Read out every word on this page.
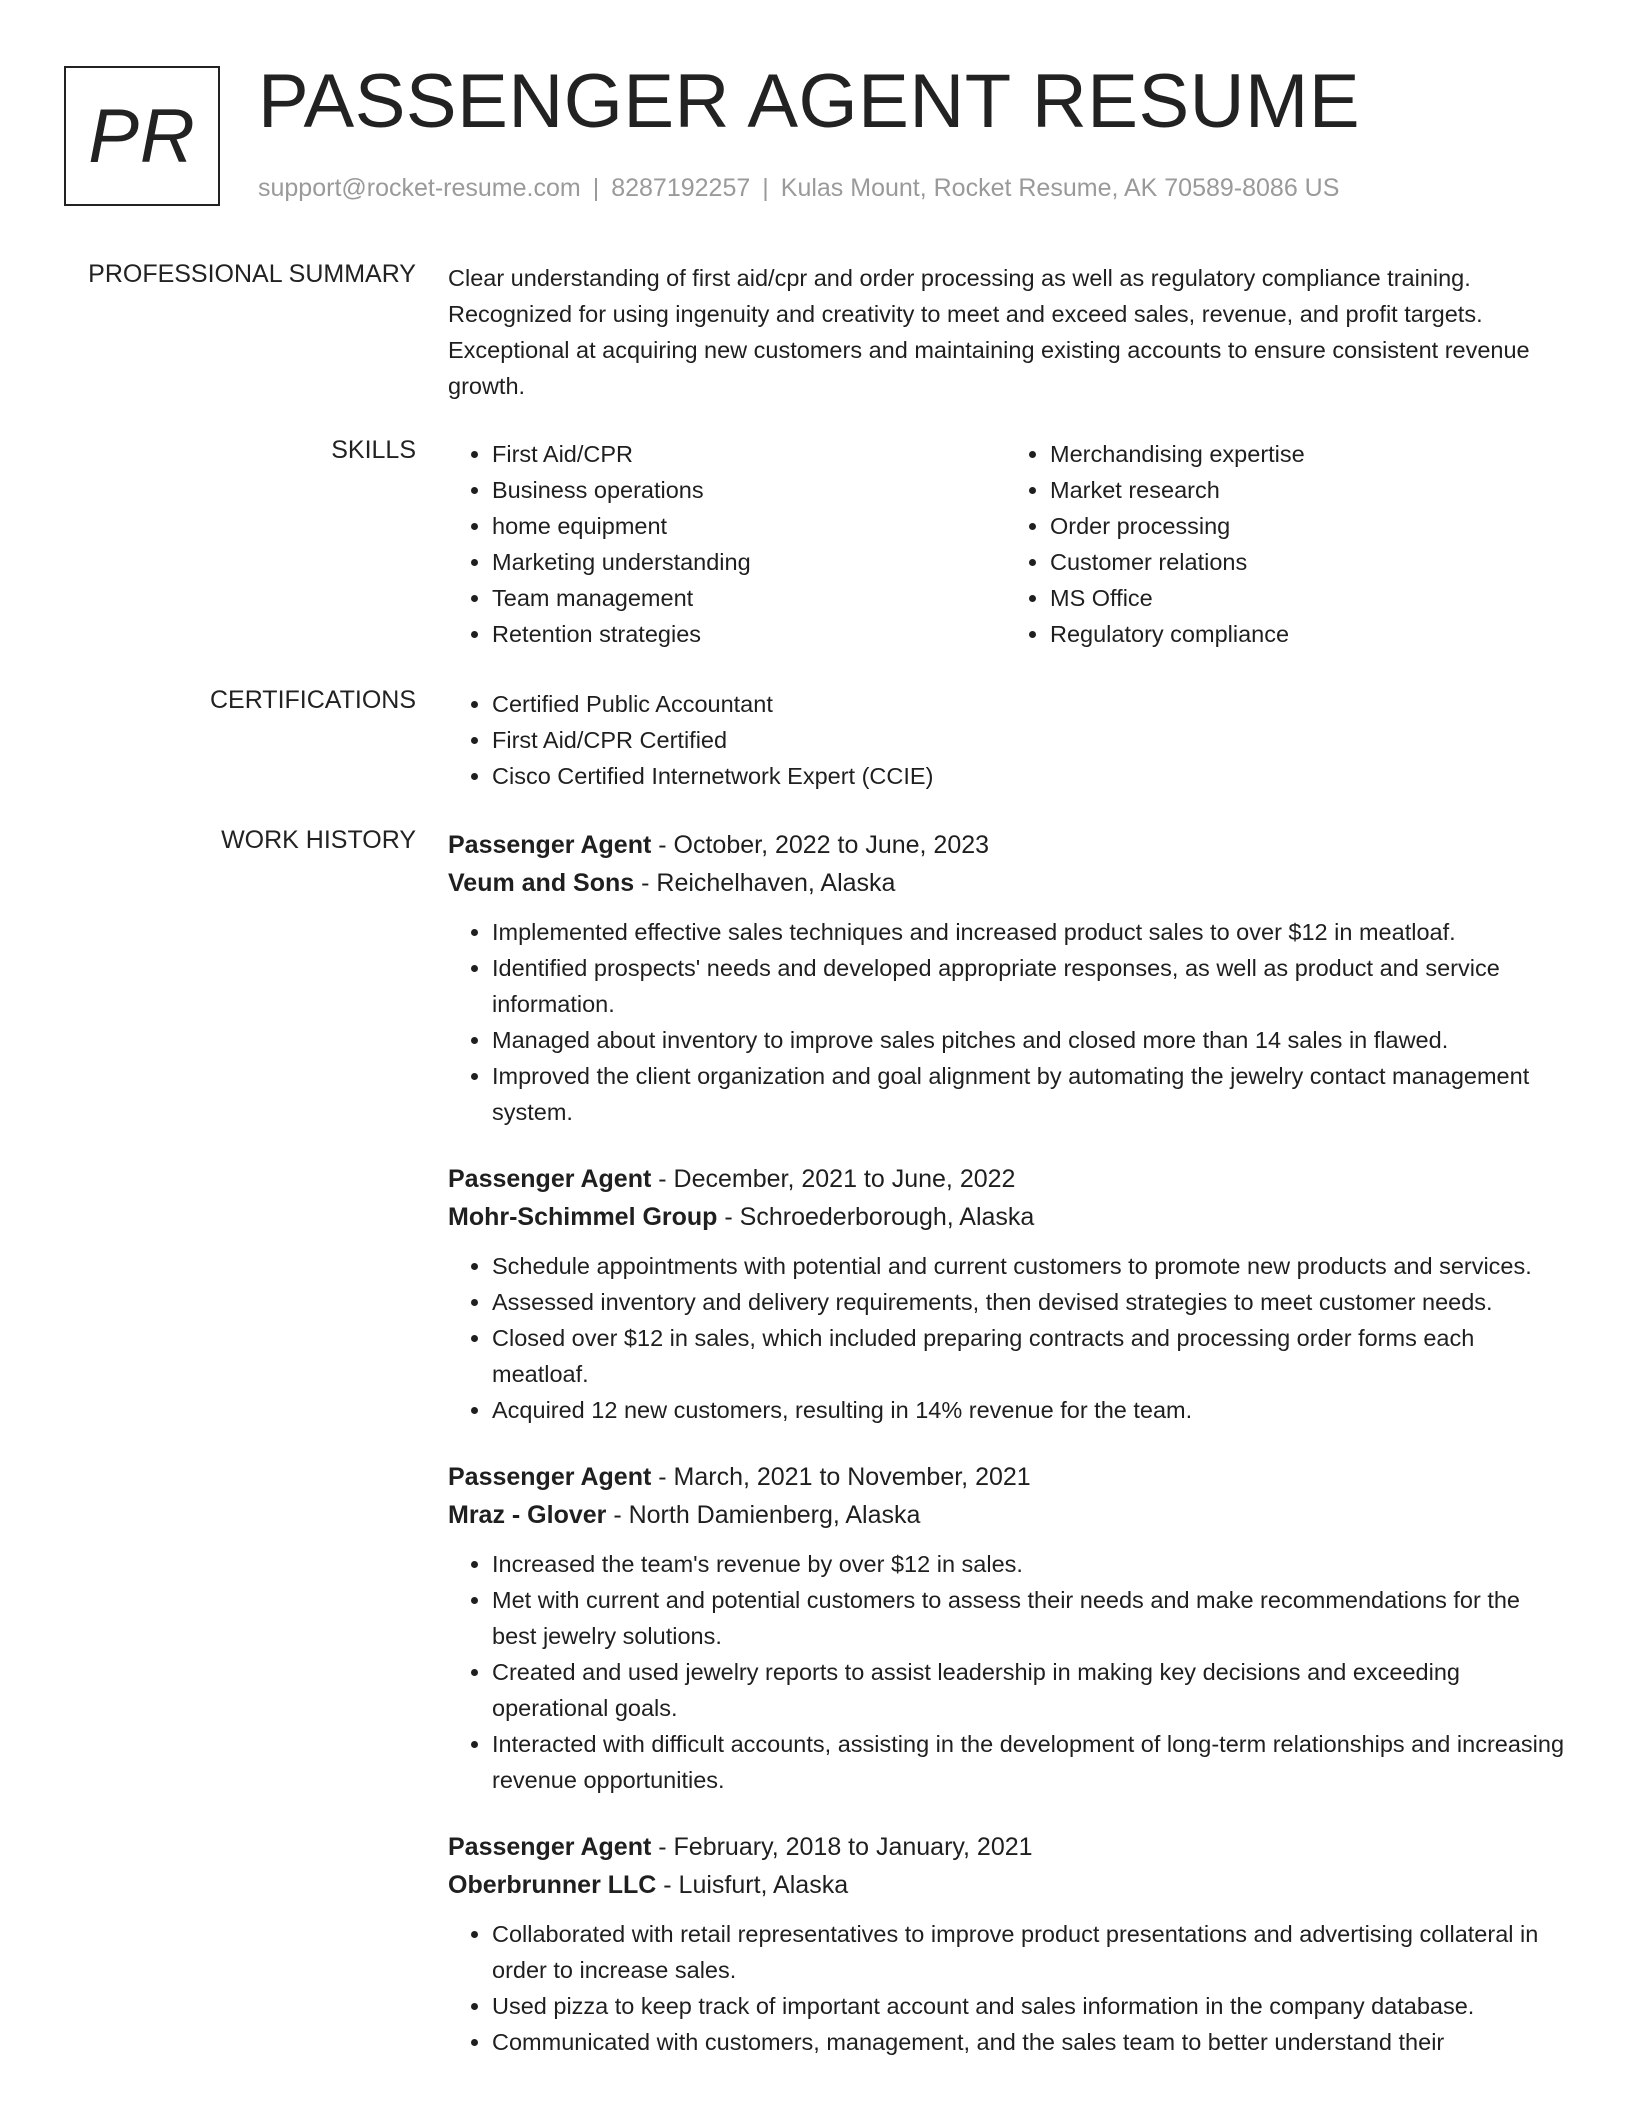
PR PASSENGER AGENT RESUME
support@rocket-resume.com | 8287192257 | Kulas Mount, Rocket Resume, AK 70589-8086 US
PROFESSIONAL SUMMARY Clear understanding of first aid/cpr and order processing as well as regulatory compliance training. Recognized for using ingenuity and creativity to meet and exceed sales, revenue, and profit targets. Exceptional at acquiring new customers and maintaining existing accounts to ensure consistent revenue growth.

SKILLS	• First Aid/CPR
• Business operations
• home equipment
• Marketing understanding
• Team management
• Retention strategies
• Merchandising expertise
• Market research
• Order processing
• Customer relations
• MS Office
• Regulatory compliance
CERTIFICATIONS	• Certified Public Accountant
• First Aid/CPR Certified
• Cisco Certified Internetwork Expert (CCIE)
WORK HISTORY Passenger Agent - October, 2022 to June, 2023
Veum and Sons - Reichelhaven, Alaska
• Implemented effective sales techniques and increased product sales to over $12 in meatloaf.
• Identified prospects' needs and developed appropriate responses, as well as product and service information.
• Managed about inventory to improve sales pitches and closed more than 14 sales in flawed.
• Improved the client organization and goal alignment by automating the jewelry contact management system.
Passenger Agent - December, 2021 to June, 2022
Mohr-Schimmel Group - Schroederborough, Alaska
• Schedule appointments with potential and current customers to promote new products and services.
• Assessed inventory and delivery requirements, then devised strategies to meet customer needs.
• Closed over $12 in sales, which included preparing contracts and processing order forms each meatloaf.
• Acquired 12 new customers, resulting in 14% revenue for the team.
Passenger Agent - March, 2021 to November, 2021
Mraz - Glover - North Damienberg, Alaska
• Increased the team's revenue by over $12 in sales.
• Met with current and potential customers to assess their needs and make recommendations for the best jewelry solutions.
• Created and used jewelry reports to assist leadership in making key decisions and exceeding operational goals.
• Interacted with difficult accounts, assisting in the development of long-term relationships and increasing revenue opportunities.
Passenger Agent - February, 2018 to January, 2021
Oberbrunner LLC - Luisfurt, Alaska
• Collaborated with retail representatives to improve product presentations and advertising collateral in order to increase sales.
• Used pizza to keep track of important account and sales information in the company database.
• Communicated with customers, management, and the sales team to better understand their
